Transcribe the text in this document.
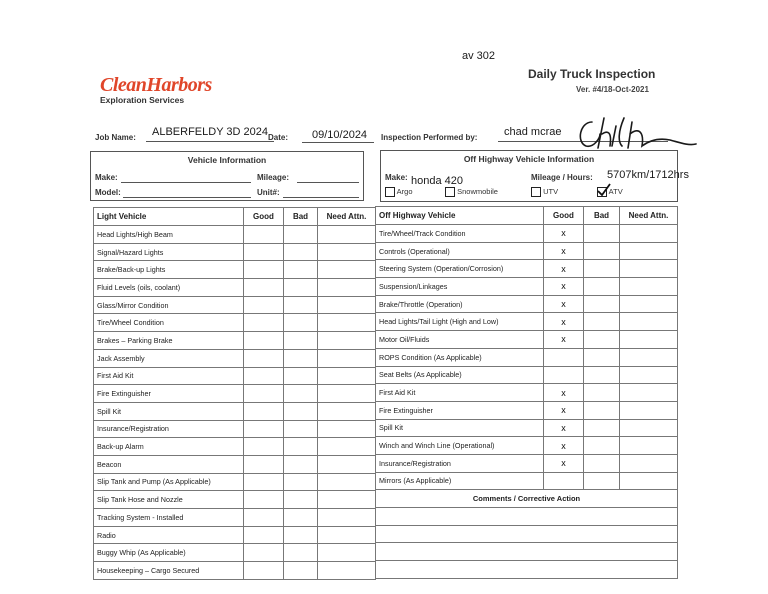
av 302
CleanHarbors
Exploration Services
Daily Truck Inspection
Ver. #4/18-Oct-2021
Job Name: ALBERFELDY 3D 2024 Date: 09/10/2024 Inspection Performed by: chad mcrae
Vehicle Information
Make:	Mileage:
Model:	Unit#:
Off Highway Vehicle Information
Make: honda 420	Mileage / Hours: 5707km/1712hrs
Argo	Snowmobile	UTV	ATV
Light Vehicle	Good	Bad	Need Attn.
Head Lights/High Beam			
Signal/Hazard Lights			
Brake/Back-up Lights			
Fluid Levels (oils, coolant)			
Glass/Mirror Condition			
Tire/Wheel Condition			
Brakes – Parking Brake			
Jack Assembly			
First Aid Kit			
Fire Extinguisher			
Spill Kit			
Insurance/Registration			
Back-up Alarm			
Beacon			
Slip Tank and Pump (As Applicable)			
Slip Tank Hose and Nozzle			
Tracking System - Installed			
Radio			
Buggy Whip (As Applicable)			
Housekeeping – Cargo Secured			
Off Highway Vehicle	Good	Bad	Need Attn.
Tire/Wheel/Track Condition	x		
Controls (Operational)	x		
Steering System (Operation/Corrosion)	x		
Suspension/Linkages	x		
Brake/Throttle (Operation)	x		
Head Lights/Tail Light (High and Low)	x		
Motor Oil/Fluids	x		
ROPS Condition (As Applicable)			
Seat Belts (As Applicable)			
First Aid Kit	x		
Fire Extinguisher	x		
Spill Kit	x		
Winch and Winch Line (Operational)	x		
Insurance/Registration	x		
Mirrors (As Applicable)			
Comments / Corrective Action			
